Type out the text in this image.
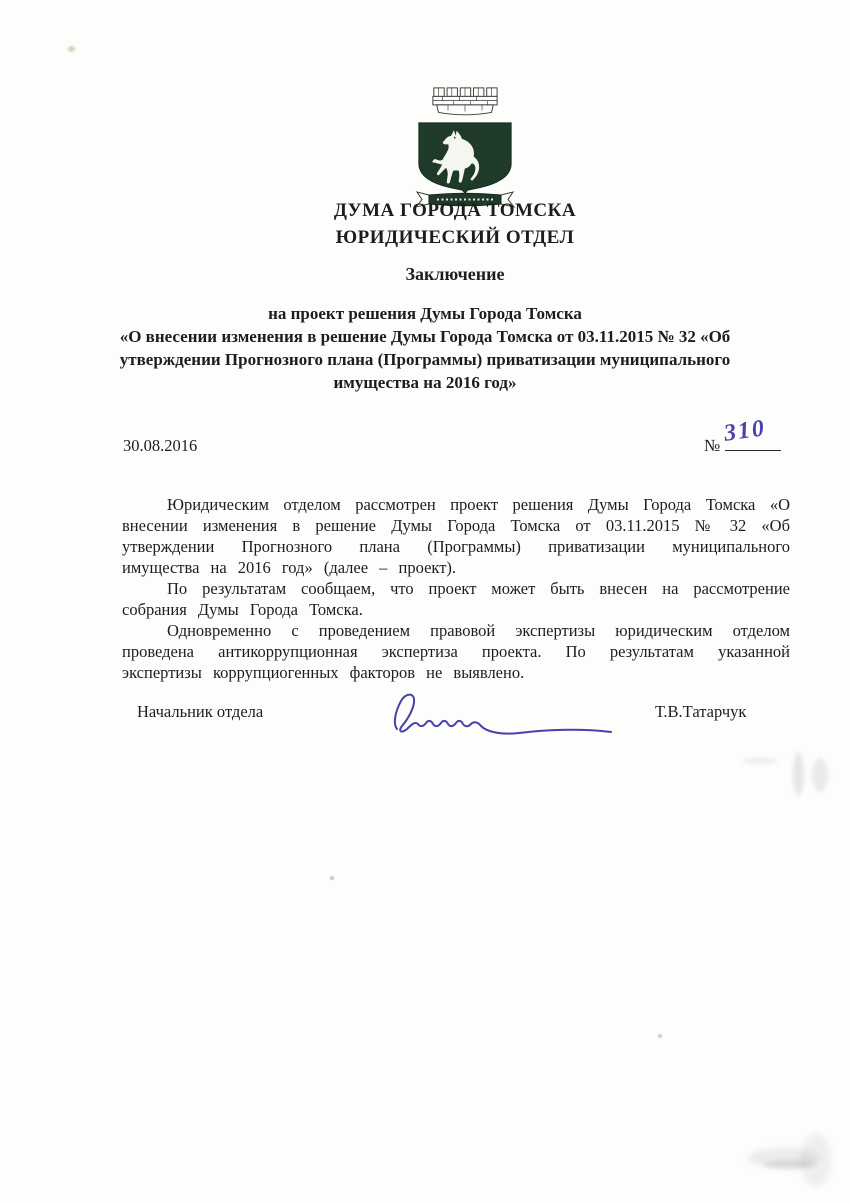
ДУМА ГОРОДА ТОМСКА
ЮРИДИЧЕСКИЙ ОТДЕЛ
Заключение
на проект решения Думы Города Томска
«О внесении изменения в решение Думы Города Томска от 03.11.2015 № 32 «Об
утверждении Прогнозного плана (Программы) приватизации муниципального
имущества на 2016 год»
30.08.2016	№ 310

Юридическим отделом рассмотрен проект решения Думы Города Томска «О внесении изменения в решение Думы Города Томска от 03.11.2015 № 32 «Об утверждении Прогнозного плана (Программы) приватизации муниципального имущества на 2016 год» (далее – проект).

По результатам сообщаем, что проект может быть внесен на рассмотрение собрания Думы Города Томска.

Одновременно с проведением правовой экспертизы юридическим отделом проведена антикоррупционная экспертиза проекта. По результатам указанной экспертизы коррупциогенных факторов не выявлено.

Начальник отдела	Т.В.Татарчук
